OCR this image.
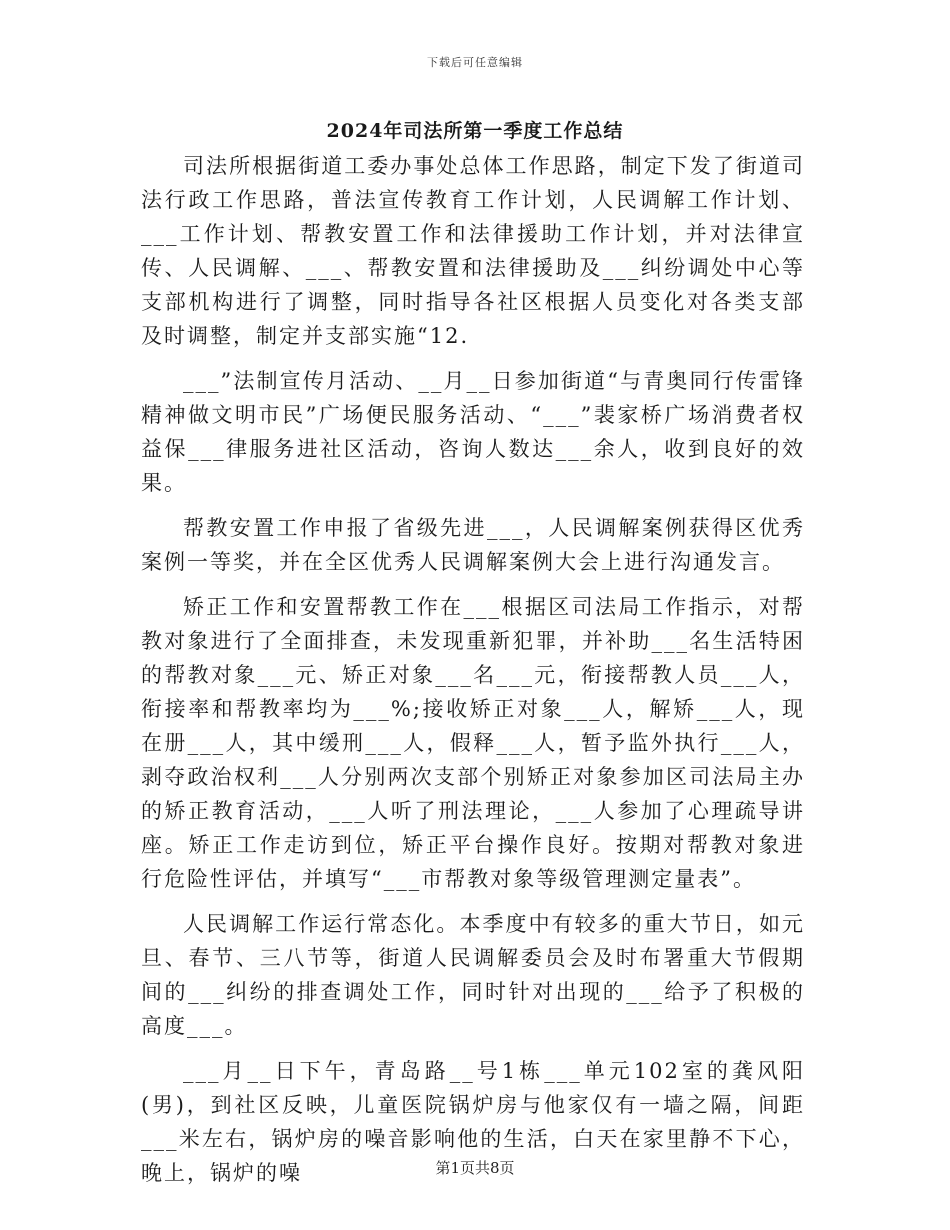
下载后可任意编辑
2024年司法所第一季度工作总结

司法所根据街道工委办事处总体工作思路，制定下发了街道司法行政工作思路，普法宣传教育工作计划，人民调解工作计划、___工作计划、帮教安置工作和法律援助工作计划，并对法律宣传、人民调解、___、帮教安置和法律援助及___纠纷调处中心等支部机构进行了调整，同时指导各社区根据人员变化对各类支部及时调整，制定并支部实施“12.

___”法制宣传月活动、__月__日参加街道“与青奥同行传雷锋精神做文明市民”广场便民服务活动、“___”裴家桥广场消费者权益保___律服务进社区活动，咨询人数达___余人，收到良好的效果。

帮教安置工作申报了省级先进___，人民调解案例获得区优秀案例一等奖，并在全区优秀人民调解案例大会上进行沟通发言。

矫正工作和安置帮教工作在___根据区司法局工作指示，对帮教对象进行了全面排查，未发现重新犯罪，并补助___名生活特困的帮教对象___元、矫正对象___名___元，衔接帮教人员___人，衔接率和帮教率均为___%;接收矫正对象___人，解矫___人，现在册___人，其中缓刑___人，假释___人，暂予监外执行___人，剥夺政治权利___人分别两次支部个别矫正对象参加区司法局主办的矫正教育活动，___人听了刑法理论，___人参加了心理疏导讲座。矫正工作走访到位，矫正平台操作良好。按期对帮教对象进行危险性评估，并填写“___市帮教对象等级管理测定量表”。

人民调解工作运行常态化。本季度中有较多的重大节日，如元旦、春节、三八节等，街道人民调解委员会及时布署重大节假期间的___纠纷的排查调处工作，同时针对出现的___给予了积极的高度___。

___月__日下午，青岛路__号1栋___单元102室的龚风阳(男)，到社区反映，儿童医院锅炉房与他家仅有一墙之隔，间距___米左右，锅炉房的噪音影响他的生活，白天在家里静不下心，晚上，锅炉的噪	第1页共8页
